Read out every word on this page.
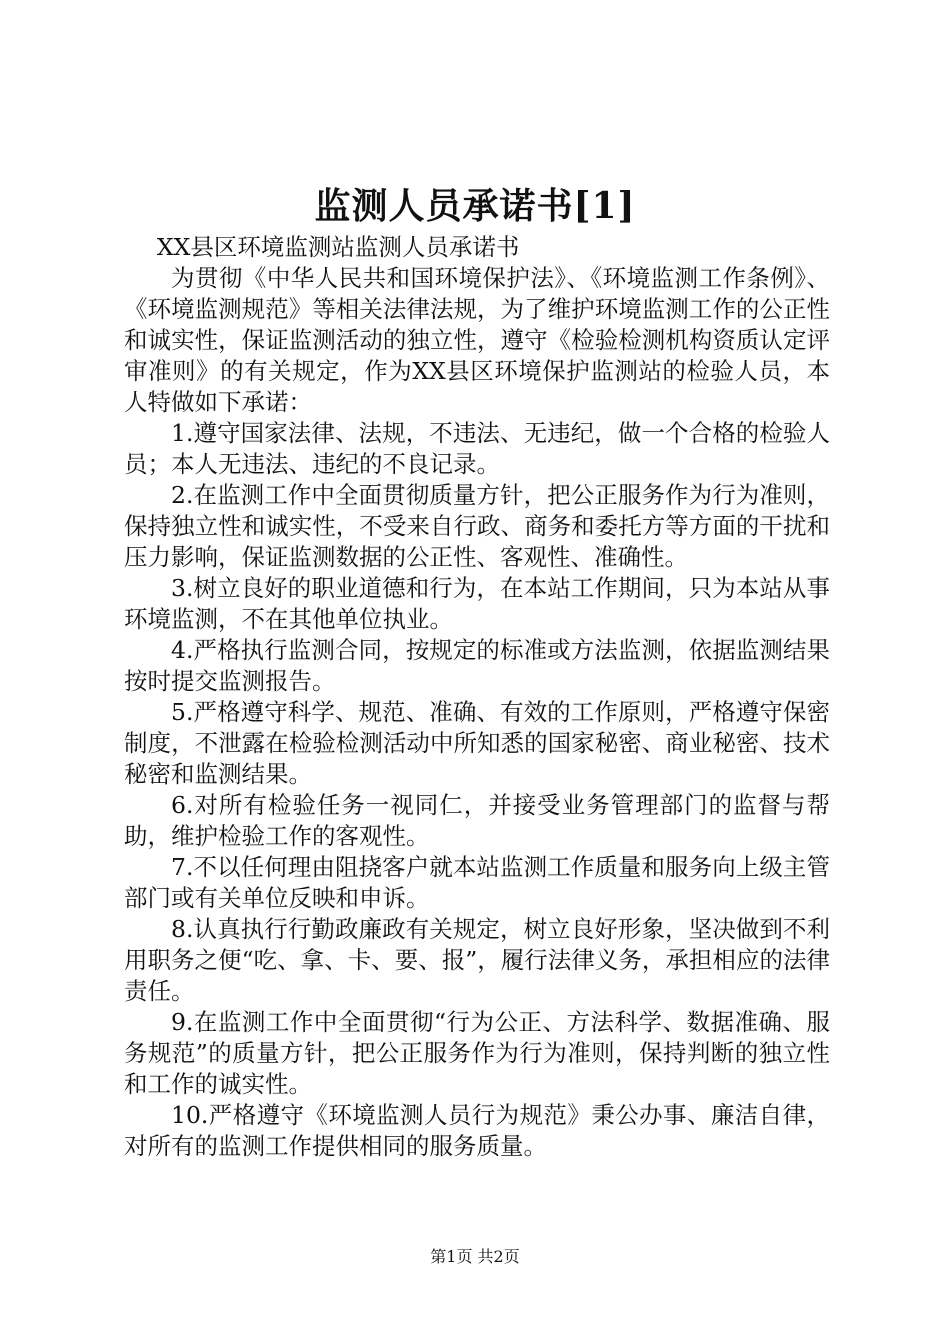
监测人员承诺书[1]

XX县区环境监测站监测人员承诺书

为贯彻《中华人民共和国环境保护法》、《环境监测工作条例》、《环境监测规范》等相关法律法规，为了维护环境监测工作的公正性和诚实性，保证监测活动的独立性，遵守《检验检测机构资质认定评审准则》的有关规定，作为XX县区环境保护监测站的检验人员，本人特做如下承诺：

1.遵守国家法律、法规，不违法、无违纪，做一个合格的检验人员；本人无违法、违纪的不良记录。

2.在监测工作中全面贯彻质量方针，把公正服务作为行为准则，保持独立性和诚实性，不受来自行政、商务和委托方等方面的干扰和压力影响，保证监测数据的公正性、客观性、准确性。

3.树立良好的职业道德和行为，在本站工作期间，只为本站从事环境监测，不在其他单位执业。

4.严格执行监测合同，按规定的标准或方法监测，依据监测结果按时提交监测报告。

5.严格遵守科学、规范、准确、有效的工作原则，严格遵守保密制度，不泄露在检验检测活动中所知悉的国家秘密、商业秘密、技术秘密和监测结果。

6.对所有检验任务一视同仁，并接受业务管理部门的监督与帮助，维护检验工作的客观性。

7.不以任何理由阻挠客户就本站监测工作质量和服务向上级主管部门或有关单位反映和申诉。

8.认真执行行勤政廉政有关规定，树立良好形象，坚决做到不利用职务之便“吃、拿、卡、要、报”，履行法律义务，承担相应的法律责任。

9.在监测工作中全面贯彻“行为公正、方法科学、数据准确、服务规范”的质量方针，把公正服务作为行为准则，保持判断的独立性和工作的诚实性。

10.严格遵守《环境监测人员行为规范》秉公办事、廉洁自律，对所有的监测工作提供相同的服务质量。

第1页 共2页
